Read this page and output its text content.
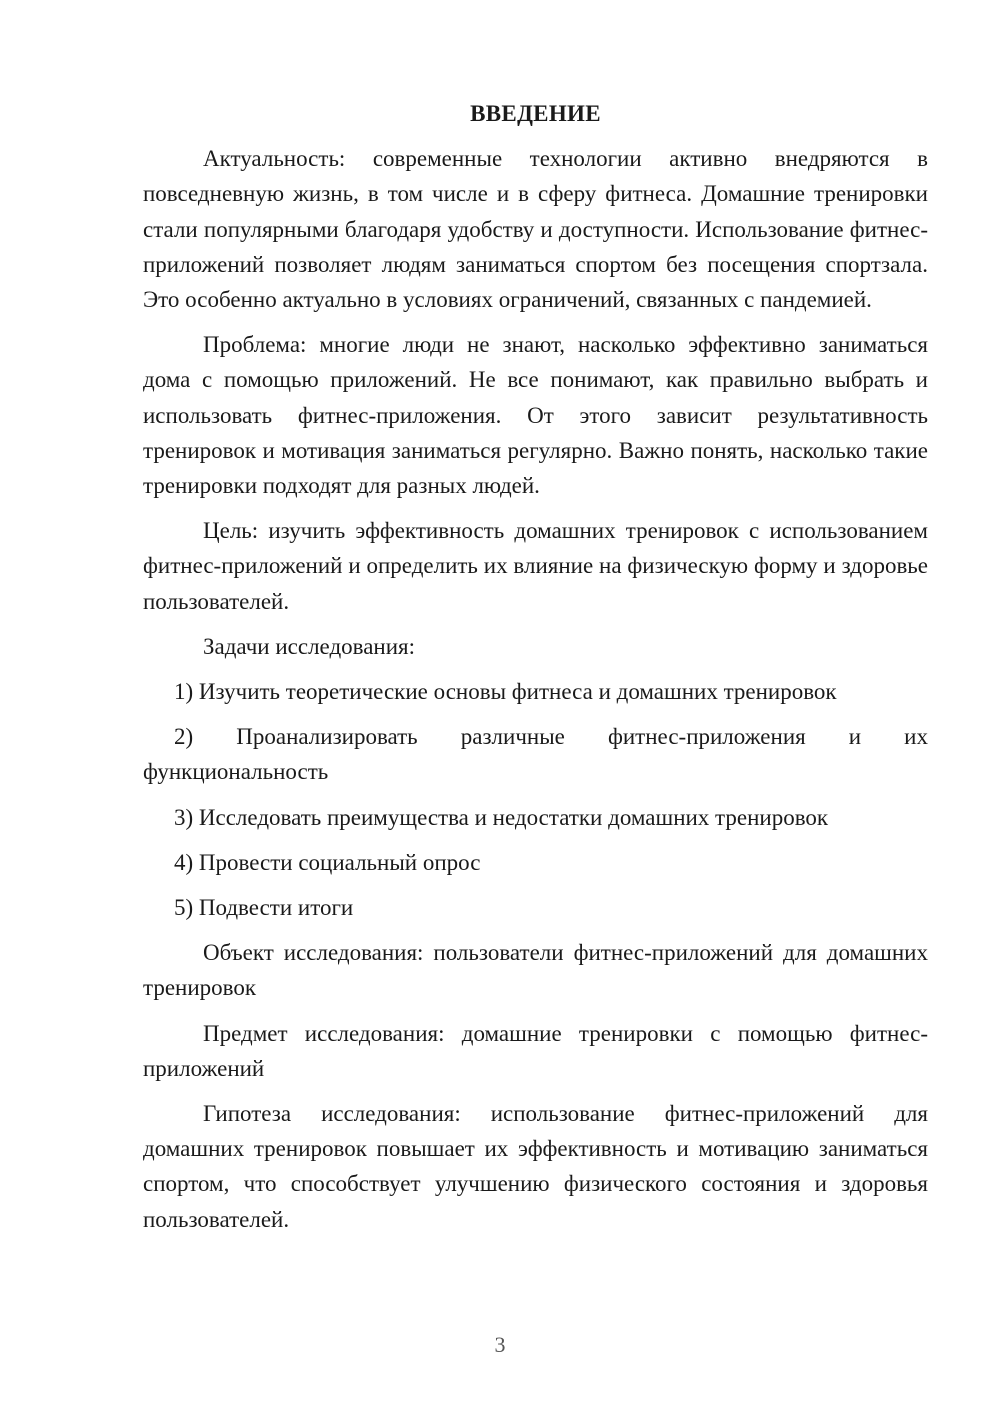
ВВЕДЕНИЕ

Актуальность: современные технологии активно внедряются в повседневную жизнь, в том числе и в сферу фитнеса. Домашние тренировки стали популярными благодаря удобству и доступности. Использование фитнес-приложений позволяет людям заниматься спортом без посещения спортзала. Это особенно актуально в условиях ограничений, связанных с пандемией.

Проблема: многие люди не знают, насколько эффективно заниматься дома с помощью приложений. Не все понимают, как правильно выбрать и использовать фитнес-приложения. От этого зависит результативность тренировок и мотивация заниматься регулярно. Важно понять, насколько такие тренировки подходят для разных людей.

Цель: изучить эффективность домашних тренировок с использованием фитнес-приложений и определить их влияние на физическую форму и здоровье пользователей.

Задачи исследования:

1) Изучить теоретические основы фитнеса и домашних тренировок

2) Проанализировать различные фитнес-приложения и их функциональность

3) Исследовать преимущества и недостатки домашних тренировок

4) Провести социальный опрос

5) Подвести итоги

Объект исследования: пользователи фитнес-приложений для домашних тренировок

Предмет исследования: домашние тренировки с помощью фитнес-приложений

Гипотеза исследования: использование фитнес-приложений для домашних тренировок повышает их эффективность и мотивацию заниматься спортом, что способствует улучшению физического состояния и здоровья пользователей.

3
